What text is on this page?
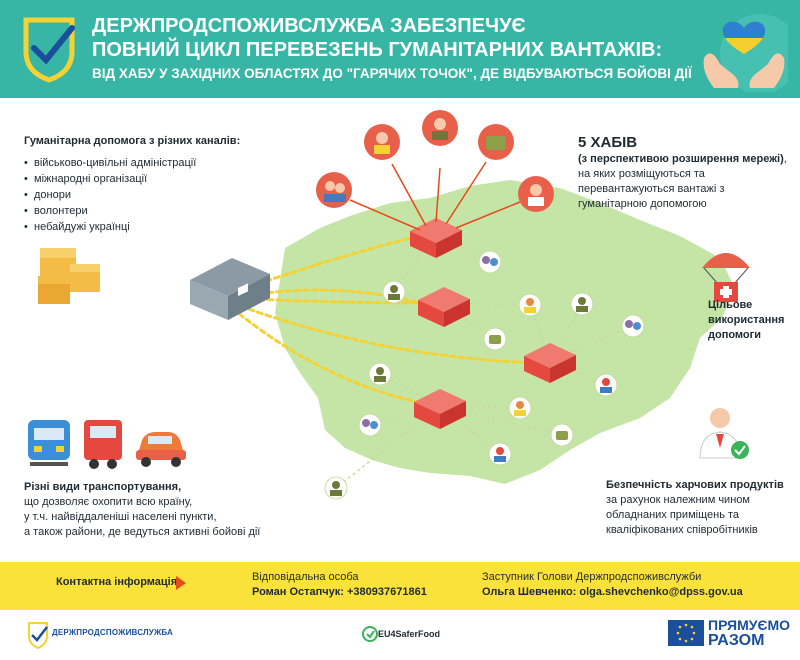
ДЕРЖПРОДСПОЖИВСЛУЖБА ЗАБЕЗПЕЧУЄ
ПОВНИЙ ЦИКЛ ПЕРЕВЕЗЕНЬ ГУМАНІТАРНИХ ВАНТАЖІВ:
ВІД ХАБУ У ЗАХІДНИХ ОБЛАСТЯХ ДО "ГАРЯЧИХ ТОЧОК", ДЕ ВІДБУВАЮТЬСЯ БОЙОВІ ДІЇ
Гуманітарна допомога з різних каналів:
• військово-цивільні адміністрації
• міжнародні організації
• донори
• волонтери
• небайдужі українці
5 ХАБІВ
(з перспективою розширення мережі), на яких розміщуються та перевантажуються вантажі з гуманітарною допомогою
Цільове
використання
допомоги
Різні види транспортування,
що дозволяє охопити всю країну,
у т.ч. найвіддаленіші населені пункти,
а також райони, де ведуться активні бойові дії
Безпечність харчових продуктів
за рахунок належним чином
обладнаних приміщень та
кваліфікованих співробітників
Контактна інформація	Відповідальна особа
Роман Остапчук: +380937671861
Заступник Голови Держпродспоживслужби
Ольга Шевченко: olga.shevchenko@dpss.gov.ua
ДЕРЖПРОДСПОЖИВСЛУЖБА	EU4SaferFood
ПРЯМУЄМО
РАЗОМ
